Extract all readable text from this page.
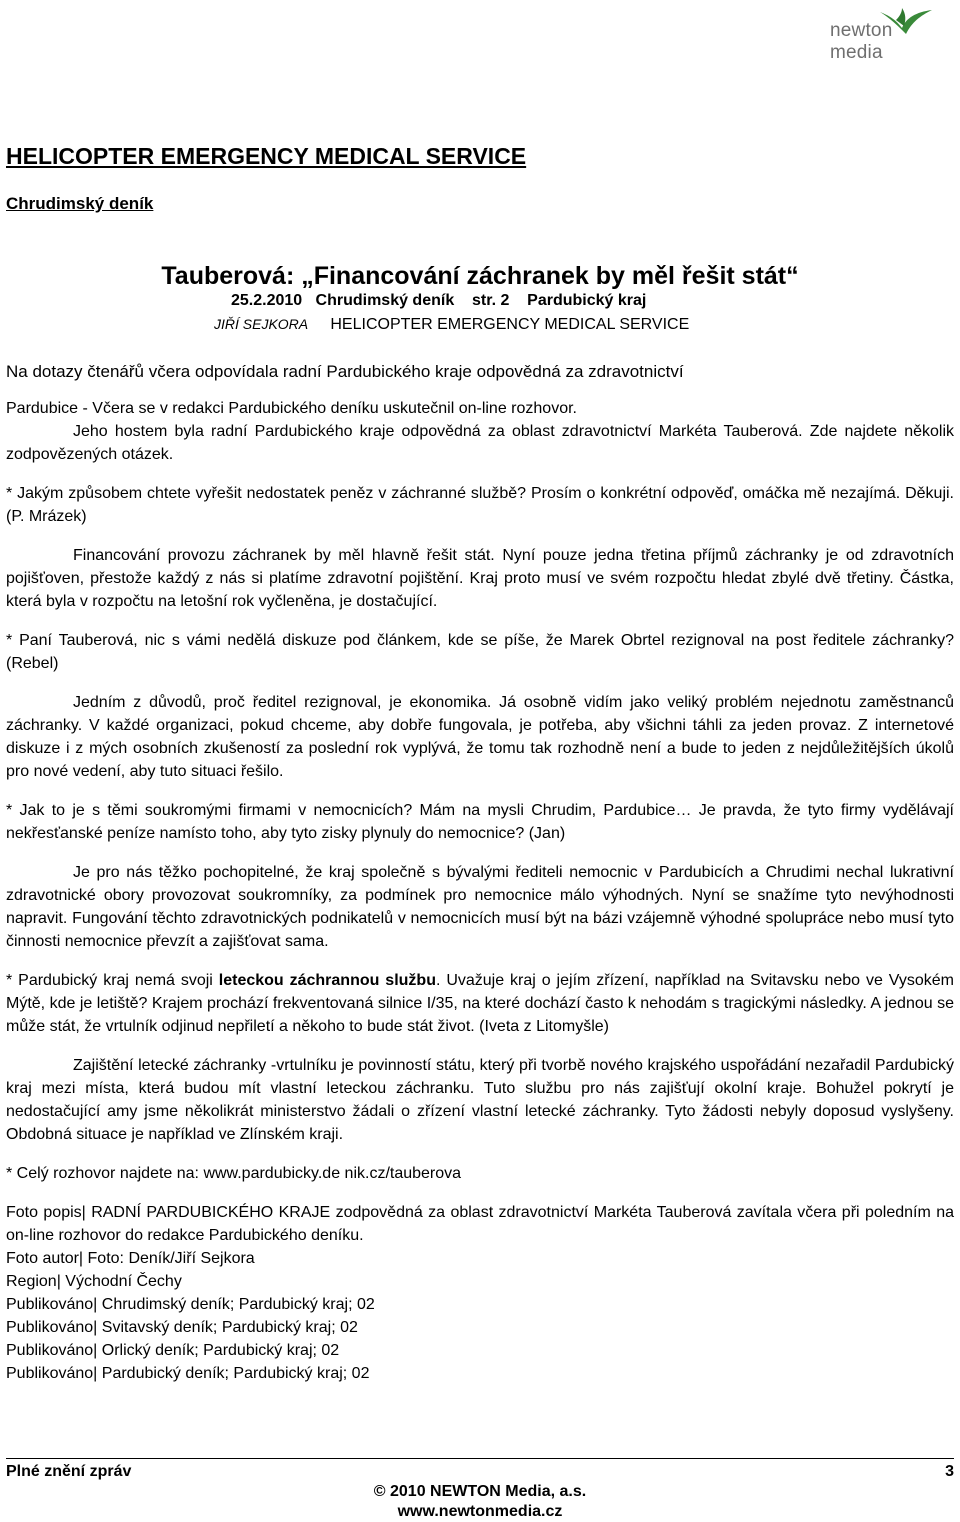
newton media
HELICOPTER EMERGENCY MEDICAL SERVICE
Chrudimský deník
Tauberová: „Financování záchranek by měl řešit stát“
25.2.2010   Chrudimský deník    str. 2    Pardubický kraj
JIŘÍ SEJKORA HELICOPTER EMERGENCY MEDICAL SERVICE

Na dotazy čtenářů včera odpovídala radní Pardubického kraje odpovědná za zdravotnictví

Pardubice - Včera se v redakci Pardubického deníku uskutečnil on-line rozhovor.

Jeho hostem byla radní Pardubického kraje odpovědná za oblast zdravotnictví Markéta Tauberová. Zde najdete několik zodpovězených otázek.

* Jakým způsobem chtete vyřešit nedostatek peněz v záchranné službě? Prosím o konkrétní odpověď, omáčka mě nezajímá. Děkuji. (P. Mrázek)

Financování provozu záchranek by měl hlavně řešit stát. Nyní pouze jedna třetina příjmů záchranky je od zdravotních pojišťoven, přestože každý z nás si platíme zdravotní pojištění. Kraj proto musí ve svém rozpočtu hledat zbylé dvě třetiny. Částka, která byla v rozpočtu na letošní rok vyčleněna, je dostačující.

* Paní Tauberová, nic s vámi nedělá diskuze pod článkem, kde se píše, že Marek Obrtel rezignoval na post ředitele záchranky? (Rebel)

Jedním z důvodů, proč ředitel rezignoval, je ekonomika. Já osobně vidím jako veliký problém nejednotu zaměstnanců záchranky. V každé organizaci, pokud chceme, aby dobře fungovala, je potřeba, aby všichni táhli za jeden provaz. Z internetové diskuze i z mých osobních zkušeností za poslední rok vyplývá, že tomu tak rozhodně není a bude to jeden z nejdůležitějších úkolů pro nové vedení, aby tuto situaci řešilo.

* Jak to je s těmi soukromými firmami v nemocnicích? Mám na mysli Chrudim, Pardubice… Je pravda, že tyto firmy vydělávají nekřesťanské peníze namísto toho, aby tyto zisky plynuly do nemocnice? (Jan)

Je pro nás těžko pochopitelné, že kraj společně s bývalými řediteli nemocnic v Pardubicích a Chrudimi nechal lukrativní zdravotnické obory provozovat soukromníky, za podmínek pro nemocnice málo výhodných. Nyní se snažíme tyto nevýhodnosti napravit. Fungování těchto zdravotnických podnikatelů v nemocnicích musí být na bázi vzájemně výhodné spolupráce nebo musí tyto činnosti nemocnice převzít a zajišťovat sama.

* Pardubický kraj nemá svoji leteckou záchrannou službu. Uvažuje kraj o jejím zřízení, například na Svitavsku nebo ve Vysokém Mýtě, kde je letiště? Krajem prochází frekventovaná silnice I/35, na které dochází často k nehodám s tragickými následky. A jednou se může stát, že vrtulník odjinud nepřiletí a někoho to bude stát život. (Iveta z Litomyšle)

Zajištění letecké záchranky -vrtulníku je povinností státu, který při tvorbě nového krajského uspořádání nezařadil Pardubický kraj mezi místa, která budou mít vlastní leteckou záchranku. Tuto službu pro nás zajišťují okolní kraje. Bohužel pokrytí je nedostačující amy jsme několikrát ministerstvo žádali o zřízení vlastní letecké záchranky. Tyto žádosti nebyly doposud vyslyšeny. Obdobná situace je například ve Zlínském kraji.

* Celý rozhovor najdete na: www.pardubicky.de nik.cz/tauberova

Foto popis| RADNÍ PARDUBICKÉHO KRAJE zodpovědná za oblast zdravotnictví Markéta Tauberová zavítala včera při poledním na on-line rozhovor do redakce Pardubického deníku.

Foto autor| Foto: Deník/Jiří Sejkora

Region| Východní Čechy

Publikováno| Chrudimský deník; Pardubický kraj; 02

Publikováno| Svitavský deník; Pardubický kraj; 02

Publikováno| Orlický deník; Pardubický kraj; 02

Publikováno| Pardubický deník; Pardubický kraj; 02

Plné znění zpráv	3
© 2010 NEWTON Media, a.s.
www.newtonmedia.cz
